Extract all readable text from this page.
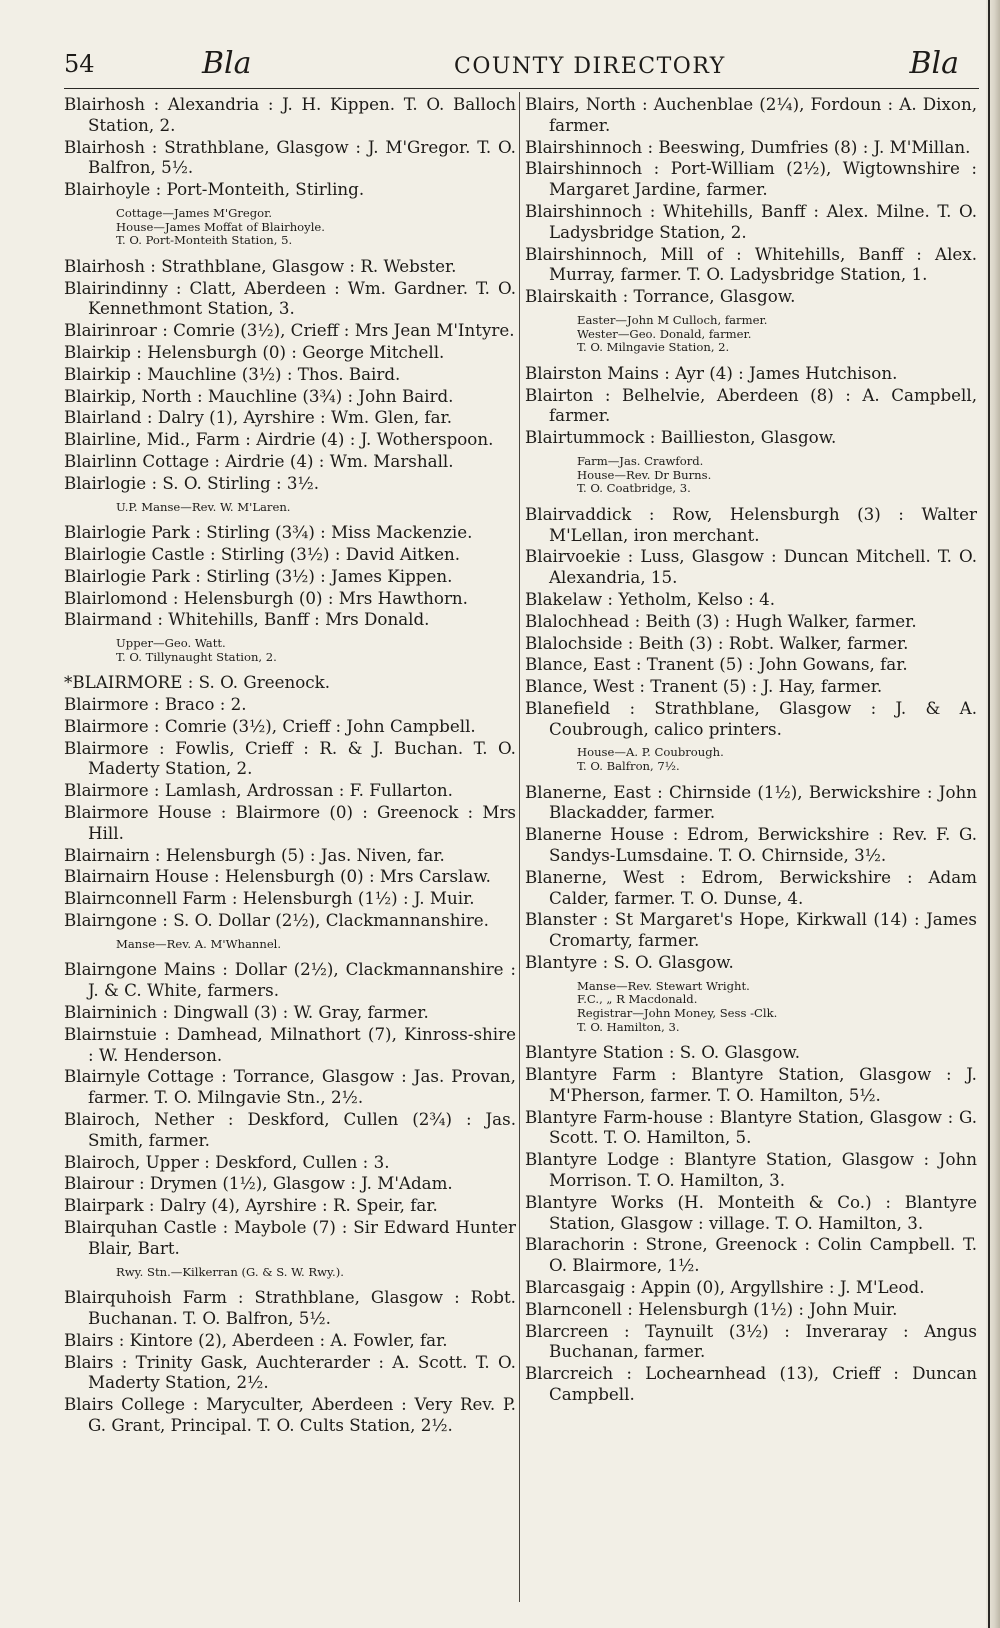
54	Bla	COUNTY DIRECTORY	Bla
Blairhosh : Alexandria : J. H. Kippen. T. O. Balloch Station, 2.
Blairhosh : Strathblane, Glasgow : J. M'Gregor. T. O. Balfron, 5½.
Blairhoyle : Port-Monteith, Stirling.
Cottage—James M'Gregor.
House—James Moffat of Blairhoyle.
T. O. Port-Monteith Station, 5.
Blairhosh : Strathblane, Glasgow : R. Webster.
Blairindinny : Clatt, Aberdeen : Wm. Gardner. T. O. Kennethmont Station, 3.
Blairinroar : Comrie (3½), Crieff : Mrs Jean M'Intyre.
Blairkip : Helensburgh (0) : George Mitchell.
Blairkip : Mauchline (3½) : Thos. Baird.
Blairkip, North : Mauchline (3¾) : John Baird.
Blairland : Dalry (1), Ayrshire : Wm. Glen, far.
Blairline, Mid., Farm : Airdrie (4) : J. Wotherspoon.
Blairlinn Cottage : Airdrie (4) : Wm. Marshall.
Blairlogie : S. O. Stirling : 3½.
U.P. Manse—Rev. W. M'Laren.
Blairlogie Park : Stirling (3¾) : Miss Mackenzie.
Blairlogie Castle : Stirling (3½) : David Aitken.
Blairlogie Park : Stirling (3½) : James Kippen.
Blairlomond : Helensburgh (0) : Mrs Hawthorn.
Blairmand : Whitehills, Banff : Mrs Donald.
Upper—Geo. Watt.
T. O. Tillynaught Station, 2.
*BLAIRMORE : S. O. Greenock.
Blairmore : Braco : 2.
Blairmore : Comrie (3½), Crieff : John Campbell.
Blairmore : Fowlis, Crieff : R. & J. Buchan. T. O. Maderty Station, 2.
Blairmore : Lamlash, Ardrossan : F. Fullarton.
Blairmore House : Blairmore (0) : Greenock : Mrs Hill.
Blairnairn : Helensburgh (5) : Jas. Niven, far.
Blairnairn House : Helensburgh (0) : Mrs Carslaw.
Blairnconnell Farm : Helensburgh (1½) : J. Muir.
Blairngone : S. O. Dollar (2½), Clackmannanshire.
Manse—Rev. A. M'Whannel.
Blairngone Mains : Dollar (2½), Clackmannanshire : J. & C. White, farmers.
Blairninich : Dingwall (3) : W. Gray, farmer.
Blairnstuie : Damhead, Milnathort (7), Kinross-shire : W. Henderson.
Blairnyle Cottage : Torrance, Glasgow : Jas. Provan, farmer. T. O. Milngavie Stn., 2½.
Blairoch, Nether : Deskford, Cullen (2¾) : Jas. Smith, farmer.
Blairoch, Upper : Deskford, Cullen : 3.
Blairour : Drymen (1½), Glasgow : J. M'Adam.
Blairpark : Dalry (4), Ayrshire : R. Speir, far.
Blairquhan Castle : Maybole (7) : Sir Edward Hunter Blair, Bart.
Rwy. Stn.—Kilkerran (G. & S. W. Rwy.).
Blairquhoish Farm : Strathblane, Glasgow : Robt. Buchanan. T. O. Balfron, 5½.
Blairs : Kintore (2), Aberdeen : A. Fowler, far.
Blairs : Trinity Gask, Auchterarder : A. Scott. T. O. Maderty Station, 2½.
Blairs College : Maryculter, Aberdeen : Very Rev. P. G. Grant, Principal. T. O. Cults Station, 2½.
Blairs, North : Auchenblae (2¼), Fordoun : A. Dixon, farmer.
Blairshinnoch : Beeswing, Dumfries (8) : J. M'Millan.
Blairshinnoch : Port-William (2½), Wigtownshire : Margaret Jardine, farmer.
Blairshinnoch : Whitehills, Banff : Alex. Milne. T. O. Ladysbridge Station, 2.
Blairshinnoch, Mill of : Whitehills, Banff : Alex. Murray, farmer. T. O. Ladysbridge Station, 1.
Blairskaith : Torrance, Glasgow.
Easter—John M Culloch, farmer.
Wester—Geo. Donald, farmer.
T. O. Milngavie Station, 2.
Blairston Mains : Ayr (4) : James Hutchison.
Blairton : Belhelvie, Aberdeen (8) : A. Campbell, farmer.
Blairtummock : Baillieston, Glasgow.
Farm—Jas. Crawford.
House—Rev. Dr Burns.
T. O. Coatbridge, 3.
Blairvaddick : Row, Helensburgh (3) : Walter M'Lellan, iron merchant.
Blairvoekie : Luss, Glasgow : Duncan Mitchell. T. O. Alexandria, 15.
Blakelaw : Yetholm, Kelso : 4.
Blalochhead : Beith (3) : Hugh Walker, farmer.
Blalochside : Beith (3) : Robt. Walker, farmer.
Blance, East : Tranent (5) : John Gowans, far.
Blance, West : Tranent (5) : J. Hay, farmer.
Blanefield : Strathblane, Glasgow : J. & A. Coubrough, calico printers.
House—A. P. Coubrough.
T. O. Balfron, 7½.
Blanerne, East : Chirnside (1½), Berwickshire : John Blackadder, farmer.
Blanerne House : Edrom, Berwickshire : Rev. F. G. Sandys-Lumsdaine. T. O. Chirnside, 3½.
Blanerne, West : Edrom, Berwickshire : Adam Calder, farmer. T. O. Dunse, 4.
Blanster : St Margaret's Hope, Kirkwall (14) : James Cromarty, farmer.
Blantyre : S. O. Glasgow.
Manse—Rev. Stewart Wright.
F.C., „ R Macdonald.
Registrar—John Money, Sess -Clk.
T. O. Hamilton, 3.
Blantyre Station : S. O. Glasgow.
Blantyre Farm : Blantyre Station, Glasgow : J. M'Pherson, farmer. T. O. Hamilton, 5½.
Blantyre Farm-house : Blantyre Station, Glasgow : G. Scott. T. O. Hamilton, 5.
Blantyre Lodge : Blantyre Station, Glasgow : John Morrison. T. O. Hamilton, 3.
Blantyre Works (H. Monteith & Co.) : Blantyre Station, Glasgow : village. T. O. Hamilton, 3.
Blarachorin : Strone, Greenock : Colin Campbell. T. O. Blairmore, 1½.
Blarcasgaig : Appin (0), Argyllshire : J. M'Leod.
Blarnconell : Helensburgh (1½) : John Muir.
Blarcreen : Taynuilt (3½) : Inveraray : Angus Buchanan, farmer.
Blarcreich : Lochearnhead (13), Crieff : Duncan Campbell.
